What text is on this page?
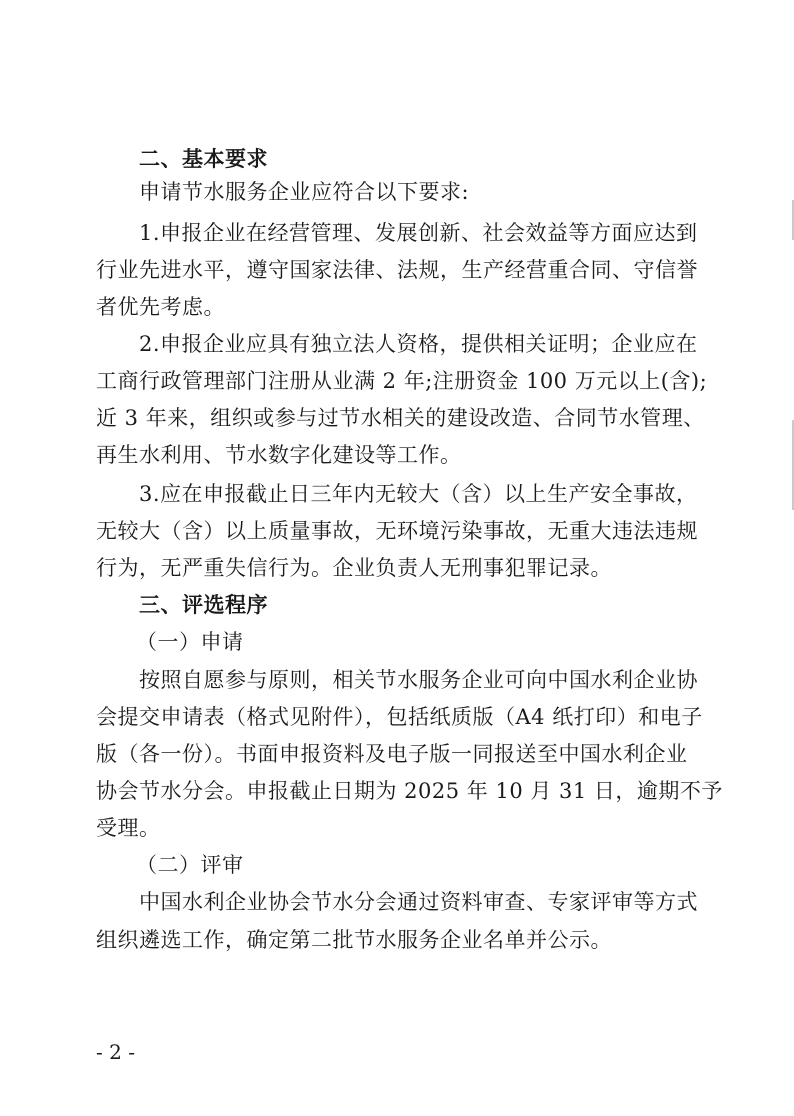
二、基本要求
申请节水服务企业应符合以下要求:
1.申报企业在经营管理、发展创新、社会效益等方面应达到
行业先进水平，遵守国家法律、法规，生产经营重合同、守信誉
者优先考虑。
2.申报企业应具有独立法人资格，提供相关证明；企业应在
工商行政管理部门注册从业满 2 年;注册资金 100 万元以上(含);
近 3 年来，组织或参与过节水相关的建设改造、合同节水管理、
再生水利用、节水数字化建设等工作。
3.应在申报截止日三年内无较大（含）以上生产安全事故，
无较大（含）以上质量事故，无环境污染事故，无重大违法违规
行为，无严重失信行为。企业负责人无刑事犯罪记录。
三、评选程序
（一）申请
按照自愿参与原则，相关节水服务企业可向中国水利企业协
会提交申请表（格式见附件），包括纸质版（A4 纸打印）和电子
版（各一份）。书面申报资料及电子版一同报送至中国水利企业
协会节水分会。申报截止日期为 2025 年 10 月 31 日，逾期不予
受理。
（二）评审
中国水利企业协会节水分会通过资料审查、专家评审等方式
组织遴选工作，确定第二批节水服务企业名单并公示。
- 2 -
